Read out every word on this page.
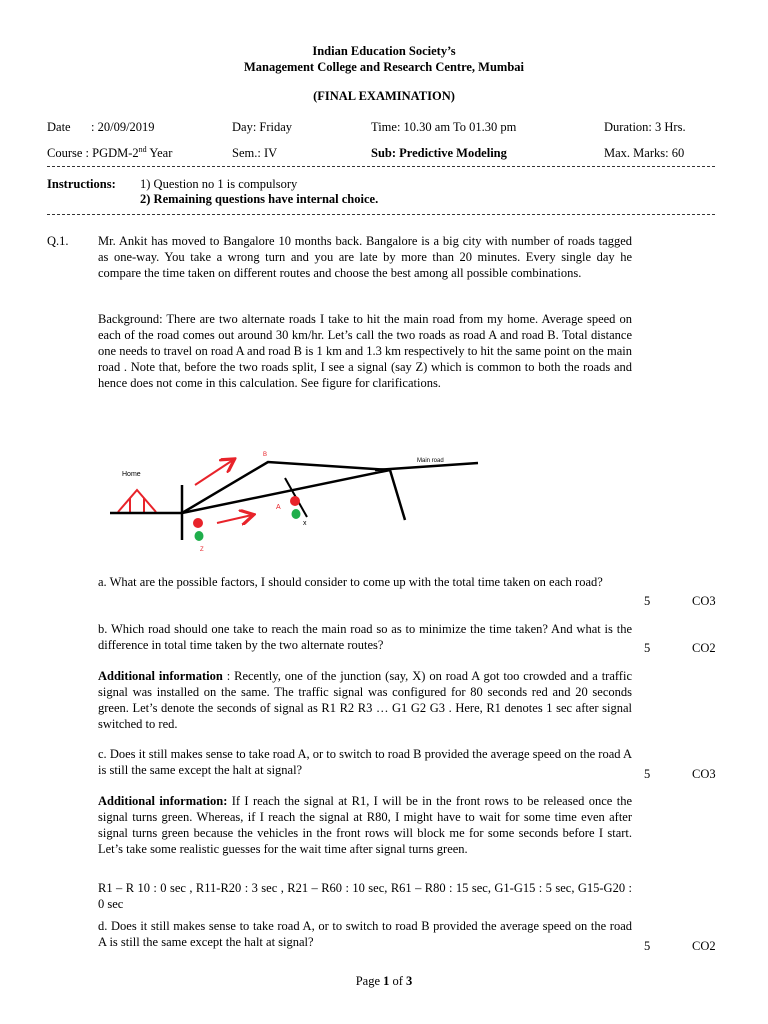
Indian Education Society’s
Management College and Research Centre, Mumbai
(FINAL EXAMINATION)
Date : 20/09/2019	Day: Friday	Time: 10.30 am To 01.30 pm	Duration: 3 Hrs.
Course : PGDM-2nd Year	Sem.: IV	Sub: Predictive Modeling	Max. Marks: 60
Instructions: 1) Question no 1 is compulsory
2) Remaining questions have internal choice.
Q.1. Mr. Ankit has moved to Bangalore 10 months back. Bangalore is a big city with number of roads tagged as one-way. You take a wrong turn and you are late by more than 20 minutes. Every single day he compare the time taken on different routes and choose the best among all possible combinations.
Background: There are two alternate roads I take to hit the main road from my home. Average speed on each of the road comes out around 30 km/hr. Let’s call the two roads as road A and road B. Total distance one needs to travel on road A and road B is 1 km and 1.3 km respectively to hit the same point on the main road . Note that, before the two roads split, I see a signal (say Z) which is common to both the roads and hence does not come in this calculation. See figure for clarifications.
Home
B
A
Z
x
Main road
a. What are the possible factors, I should consider to come up with the total time taken on each road?
5	CO3
b. Which road should one take to reach the main road so as to minimize the time taken? And what is the difference in total time taken by the two alternate routes?	5	CO2
Additional information : Recently, one of the junction (say, X) on road A got too crowded and a traffic signal was installed on the same. The traffic signal was configured for 80 seconds red and 20 seconds green. Let’s denote the seconds of signal as R1 R2 R3 … G1 G2 G3 . Here, R1 denotes 1 sec after signal switched to red.
c. Does it still makes sense to take road A, or to switch to road B provided the average speed on the road A is still the same except the halt at signal?	5	CO3
Additional information: If I reach the signal at R1, I will be in the front rows to be released once the signal turns green. Whereas, if I reach the signal at R80, I might have to wait for some time even after signal turns green because the vehicles in the front rows will block me for some seconds before I start. Let’s take some realistic guesses for the wait time after signal turns green.
R1 – R 10 : 0 sec , R11-R20 : 3 sec , R21 – R60 : 10 sec, R61 – R80 : 15 sec, G1-G15 : 5 sec, G15-G20 : 0 sec
d. Does it still makes sense to take road A, or to switch to road B provided the average speed on the road A is still the same except the halt at signal?	5	CO2
Page 1 of 3
